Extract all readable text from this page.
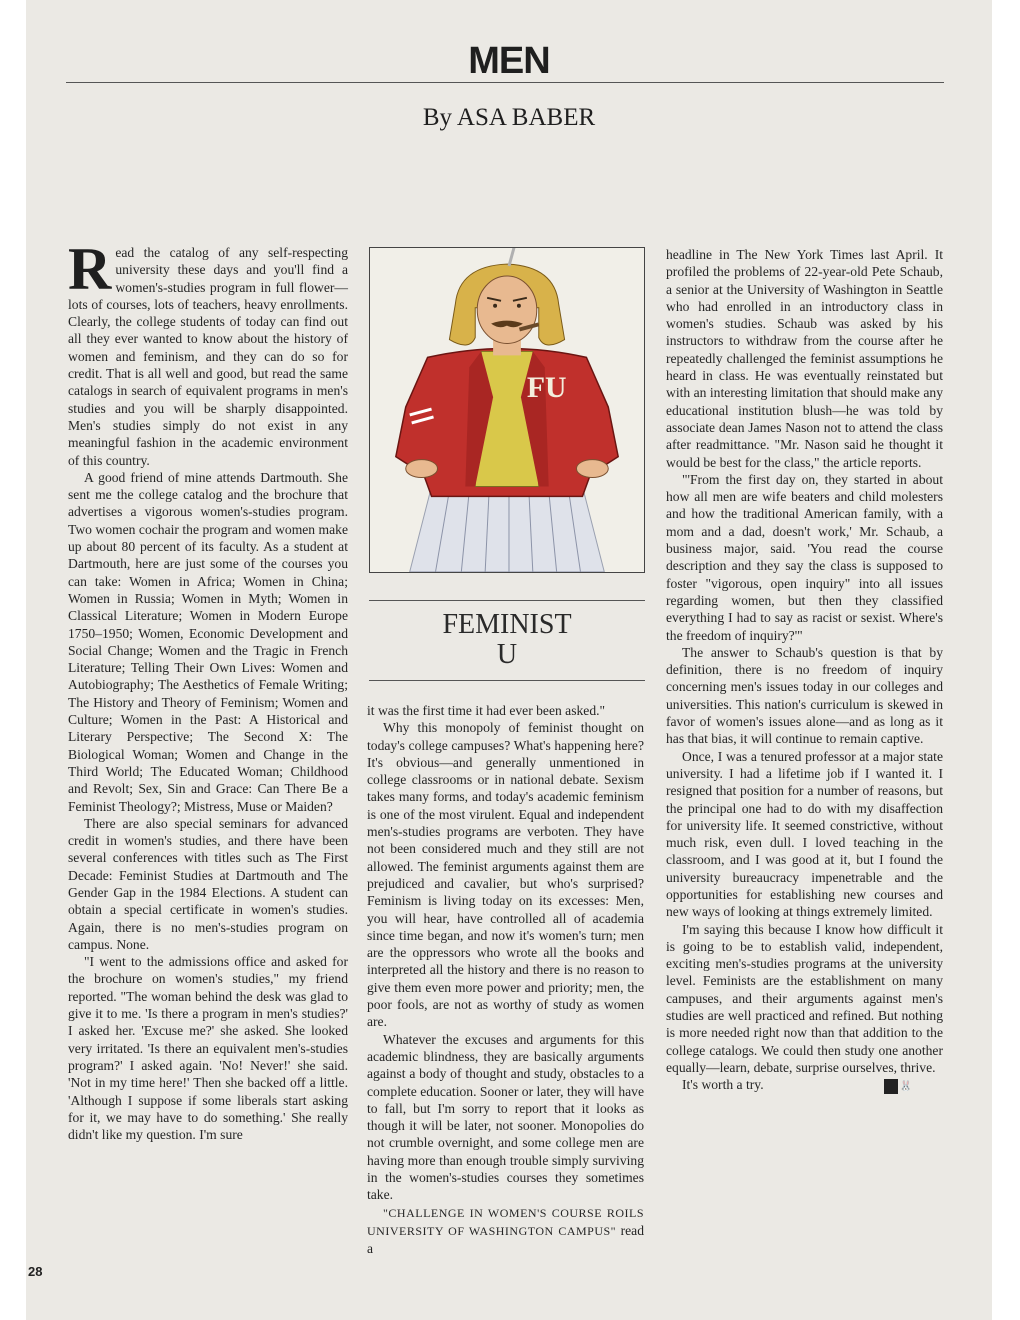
MEN
By ASA BABER

Read the catalog of any self-respecting university these days and you'll find a women's-studies program in full flower—lots of courses, lots of teachers, heavy enrollments. Clearly, the college students of today can find out all they ever wanted to know about the history of women and feminism, and they can do so for credit. That is all well and good, but read the same catalogs in search of equivalent programs in men's studies and you will be sharply disappointed. Men's studies simply do not exist in any meaningful fashion in the academic environment of this country.

A good friend of mine attends Dartmouth. She sent me the college catalog and the brochure that advertises a vigorous women's-studies program. Two women cochair the program and women make up about 80 percent of its faculty. As a student at Dartmouth, here are just some of the courses you can take: Women in Africa; Women in China; Women in Russia; Women in Myth; Women in Classical Literature; Women in Modern Europe 1750–1950; Women, Economic Development and Social Change; Women and the Tragic in French Literature; Telling Their Own Lives: Women and Autobiography; The Aesthetics of Female Writing; The History and Theory of Feminism; Women and Culture; Women in the Past: A Historical and Literary Perspective; The Second X: The Biological Woman; Women and Change in the Third World; The Educated Woman; Childhood and Revolt; Sex, Sin and Grace: Can There Be a Feminist Theology?; Mistress, Muse or Maiden?

There are also special seminars for advanced credit in women's studies, and there have been several conferences with titles such as The First Decade: Feminist Studies at Dartmouth and The Gender Gap in the 1984 Elections. A student can obtain a special certificate in women's studies. Again, there is no men's-studies program on campus. None.

"I went to the admissions office and asked for the brochure on women's studies," my friend reported. "The woman behind the desk was glad to give it to me. 'Is there a program in men's studies?' I asked her. 'Excuse me?' she asked. She looked very irritated. 'Is there an equivalent men's-studies program?' I asked again. 'No! Never!' she said. 'Not in my time here!' Then she backed off a little. 'Although I suppose if some liberals start asking for it, we may have to do something.' She really didn't like my question. I'm sure

FU
FEMINIST
U

it was the first time it had ever been asked."

Why this monopoly of feminist thought on today's college campuses? What's happening here? It's obvious—and generally unmentioned in college classrooms or in national debate. Sexism takes many forms, and today's academic feminism is one of the most virulent. Equal and independent men's-studies programs are verboten. They have not been considered much and they still are not allowed. The feminist arguments against them are prejudiced and cavalier, but who's surprised? Feminism is living today on its excesses: Men, you will hear, have controlled all of academia since time began, and now it's women's turn; men are the oppressors who wrote all the books and interpreted all the history and there is no reason to give them even more power and priority; men, the poor fools, are not as worthy of study as women are.

Whatever the excuses and arguments for this academic blindness, they are basically arguments against a body of thought and study, obstacles to a complete education. Sooner or later, they will have to fall, but I'm sorry to report that it looks as though it will be later, not sooner. Monopolies do not crumble overnight, and some college men are having more than enough trouble simply surviving in the women's-studies courses they sometimes take.

"CHALLENGE IN WOMEN'S COURSE ROILS UNIVERSITY OF WASHINGTON CAMPUS" read a

headline in The New York Times last April. It profiled the problems of 22-year-old Pete Schaub, a senior at the University of Washington in Seattle who had enrolled in an introductory class in women's studies. Schaub was asked by his instructors to withdraw from the course after he repeatedly challenged the feminist assumptions he heard in class. He was eventually reinstated but with an interesting limitation that should make any educational institution blush—he was told by associate dean James Nason not to attend the class after readmittance. "Mr. Nason said he thought it would be best for the class," the article reports.

"'From the first day on, they started in about how all men are wife beaters and child molesters and how the traditional American family, with a mom and a dad, doesn't work,' Mr. Schaub, a business major, said. 'You read the course description and they say the class is supposed to foster "vigorous, open inquiry" into all issues regarding women, but then they classified everything I had to say as racist or sexist. Where's the freedom of inquiry?'"

The answer to Schaub's question is that by definition, there is no freedom of inquiry concerning men's issues today in our colleges and universities. This nation's curriculum is skewed in favor of women's issues alone—and as long as it has that bias, it will continue to remain captive.

Once, I was a tenured professor at a major state university. I had a lifetime job if I wanted it. I resigned that position for a number of reasons, but the principal one had to do with my disaffection for university life. It seemed constrictive, without much risk, even dull. I loved teaching in the classroom, and I was good at it, but I found the university bureaucracy impenetrable and the opportunities for establishing new courses and new ways of looking at things extremely limited.

I'm saying this because I know how difficult it is going to be to establish valid, independent, exciting men's-studies programs at the university level. Feminists are the establishment on many campuses, and their arguments against men's studies are well practiced and refined. But nothing is more needed right now than that addition to the college catalogs. We could then study one another equally—learn, debate, surprise ourselves, thrive.

It's worth a try.	🐰

28
